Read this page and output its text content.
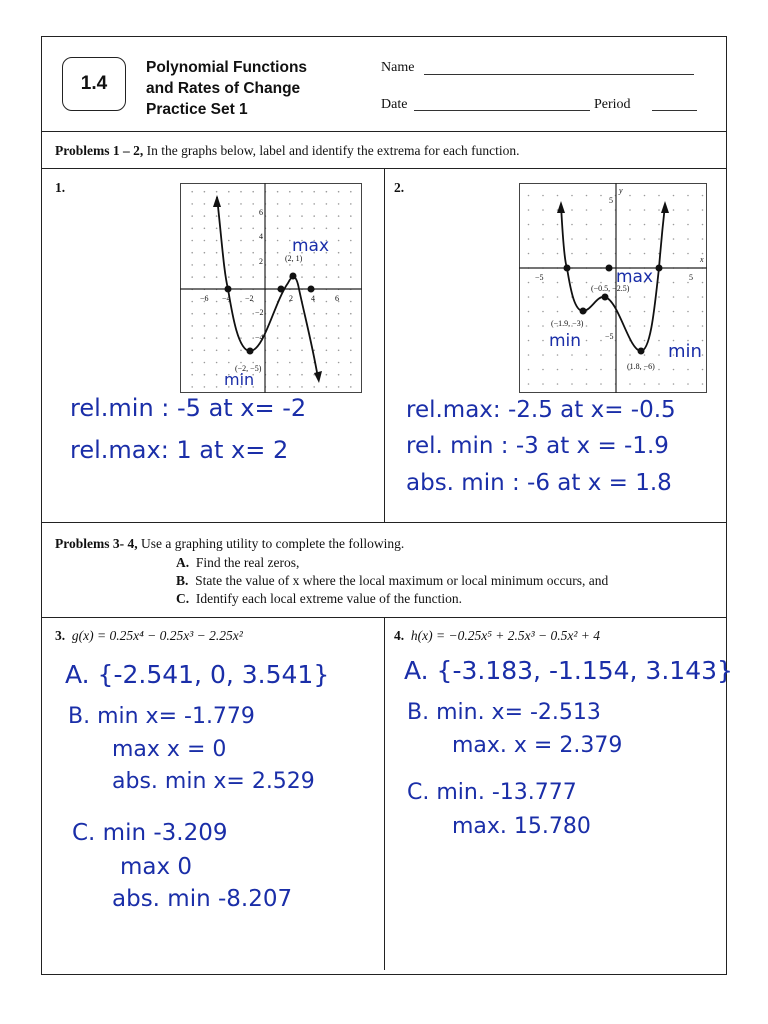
1.4
Polynomial Functions
and Rates of Change
Practice Set 1
Name
Date	Period
Problems 1 – 2, In the graphs below, label and identify the extrema for each function.
1.	2.
−6 −4 −2	2 4	6
6
4
2
−2
−4
(2, 1)
(−2, −5)
max
min
−5	5
5
−5
x
y
(−0.5, −2.5)
(−1.9, −3)
(1.8, −6)
max
min	min
rel.min : -5 at x= -2
rel.max: 1 at x= 2
rel.max: -2.5 at x= -0.5
rel. min : -3 at x = -1.9
abs. min : -6 at x = 1.8
Problems 3- 4, Use a graphing utility to complete the following.
A. Find the real zeros,
B. State the value of x where the local maximum or local minimum occurs, and
C. Identify each local extreme value of the function.
3. g(x) = 0.25x⁴ − 0.25x³ − 2.25x²	4. h(x) = −0.25x⁵ + 2.5x³ − 0.5x² + 4
A. {-2.541, 0, 3.541}
B. min x= -1.779
max x = 0
abs. min x= 2.529
C. min -3.209
max 0
abs. min -8.207
A. {-3.183, -1.154, 3.143}
B. min. x= -2.513
max. x = 2.379
C. min. -13.777
max. 15.780
